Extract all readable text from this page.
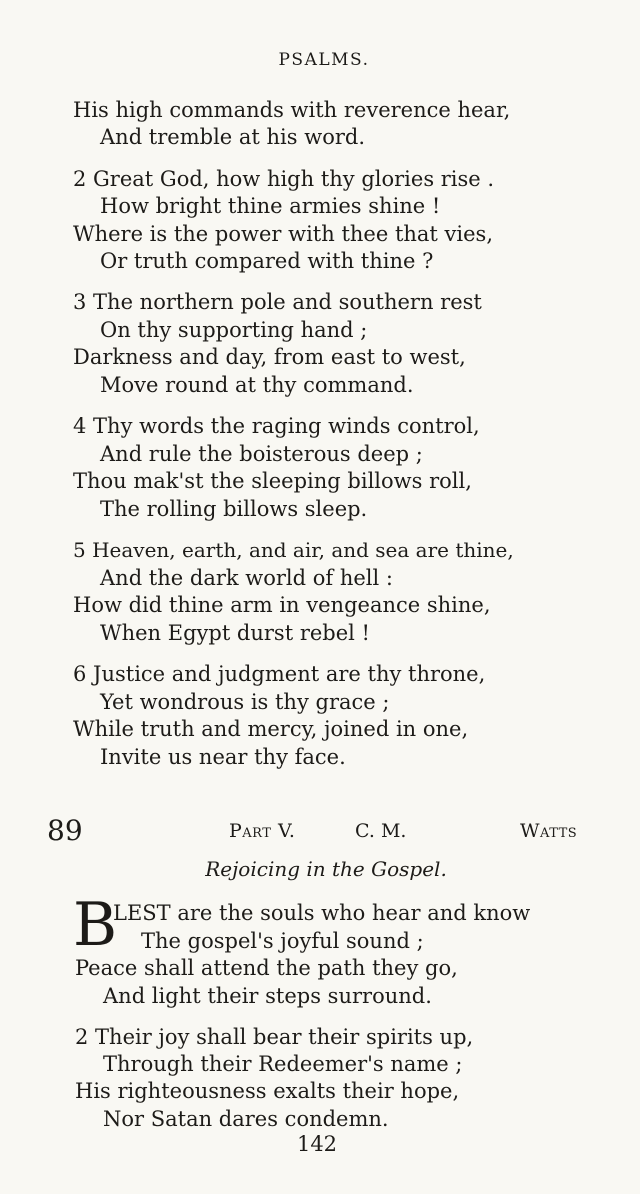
PSALMS.
His high commands with reverence hear,
And tremble at his word.
2 Great God, how high thy glories rise .
How bright thine armies shine !
Where is the power with thee that vies,
Or truth compared with thine ?
3 The northern pole and southern rest
On thy supporting hand ;
Darkness and day, from east to west,
Move round at thy command.
4 Thy words the raging winds control,
And rule the boisterous deep ;
Thou mak'st the sleeping billows roll,
The rolling billows sleep.
5 Heaven, earth, and air, and sea are thine,
And the dark world of hell :
How did thine arm in vengeance shine,
When Egypt durst rebel !
6 Justice and judgment are thy throne,
Yet wondrous is thy grace ;
While truth and mercy, joined in one,
Invite us near thy face.
89	Part V.	C. M.	Watts
Rejoicing in the Gospel.
B
LEST are the souls who hear and know
The gospel's joyful sound ;
Peace shall attend the path they go,
And light their steps surround.
2 Their joy shall bear their spirits up,
Through their Redeemer's name ;
His righteousness exalts their hope,
Nor Satan dares condemn.
142
